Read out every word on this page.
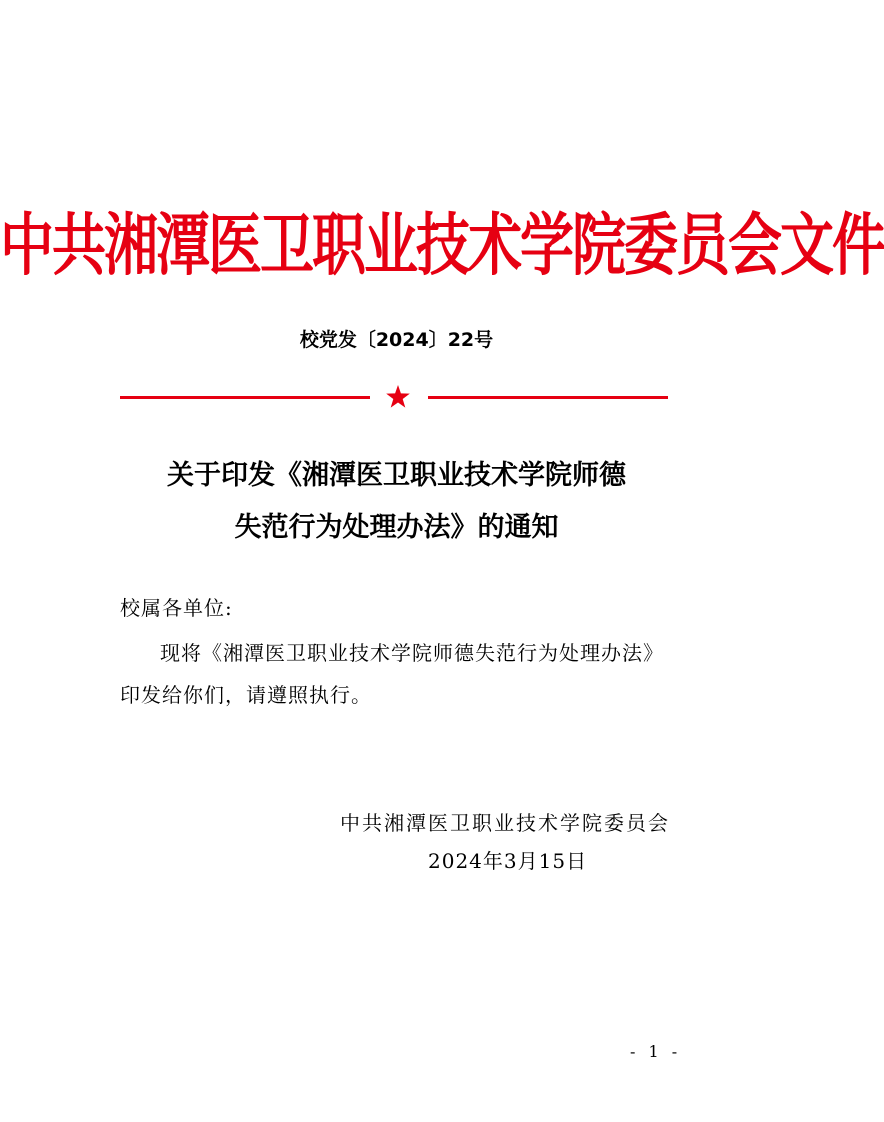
中共湘潭医卫职业技术学院委员会文件
校党发〔2024〕22号
关于印发《湘潭医卫职业技术学院师德
失范行为处理办法》的通知
校属各单位:
现将《湘潭医卫职业技术学院师德失范行为处理办法》
印发给你们，请遵照执行。
中共湘潭医卫职业技术学院委员会
2024年3月15日
- 1 -
